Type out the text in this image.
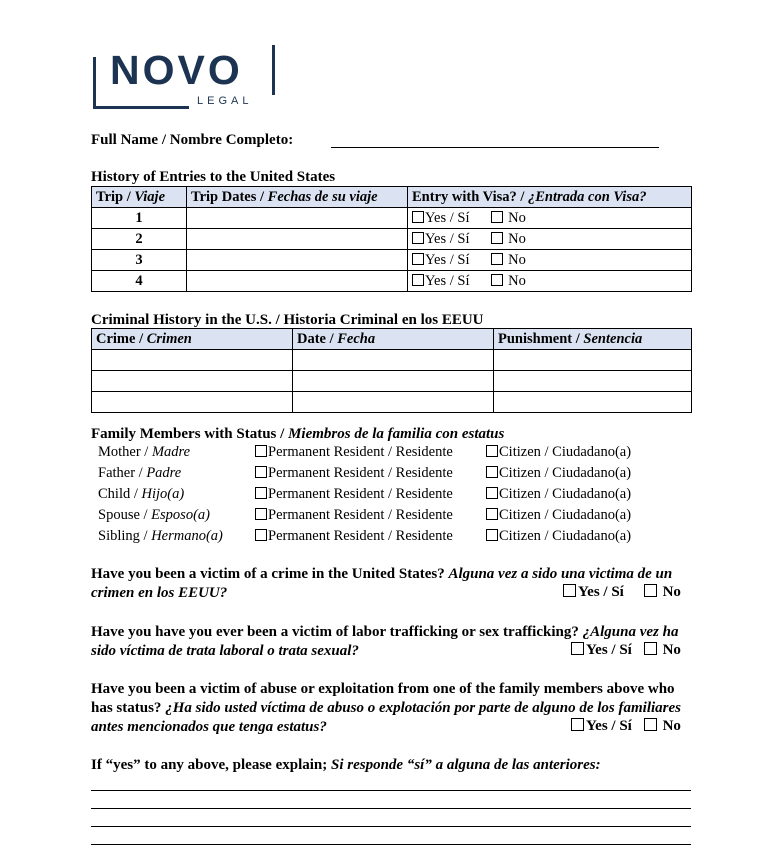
NOVO
LEGAL
Full Name / Nombre Completo:
History of Entries to the United States
Trip / Viaje	Trip Dates / Fechas de su viaje	Entry with Visa? / ¿Entrada con Visa?
1		Yes / Sí No
2		Yes / Sí No
3		Yes / Sí No
4		Yes / Sí No
Criminal History in the U.S. / Historia Criminal en los EEUU
Crime / Crimen	Date / Fecha	Punishment / Sentencia

Family Members with Status / Miembros de la familia con estatus
Mother / Madre	Permanent Resident / Residente	Citizen / Ciudadano(a)
Father / Padre	Permanent Resident / Residente	Citizen / Ciudadano(a)
Child / Hijo(a)	Permanent Resident / Residente	Citizen / Ciudadano(a)
Spouse / Esposo(a)	Permanent Resident / Residente	Citizen / Ciudadano(a)
Sibling / Hermano(a)	Permanent Resident / Residente	Citizen / Ciudadano(a)
Have you been a victim of a crime in the United States? Alguna vez a sido una victima de un crimen en los EEUU?	Yes / Sí	No
Have you have you ever been a victim of labor trafficking or sex trafficking? ¿Alguna vez ha sido víctima de trata laboral o trata sexual?	Yes / Sí No
Have you been a victim of abuse or exploitation from one of the family members above who has status? ¿Ha sido usted víctima de abuso o explotación por parte de alguno de los familiares antes mencionados que tenga estatus?	Yes / Sí No
If “yes” to any above, please explain; Si responde “sí” a alguna de las anteriores:
